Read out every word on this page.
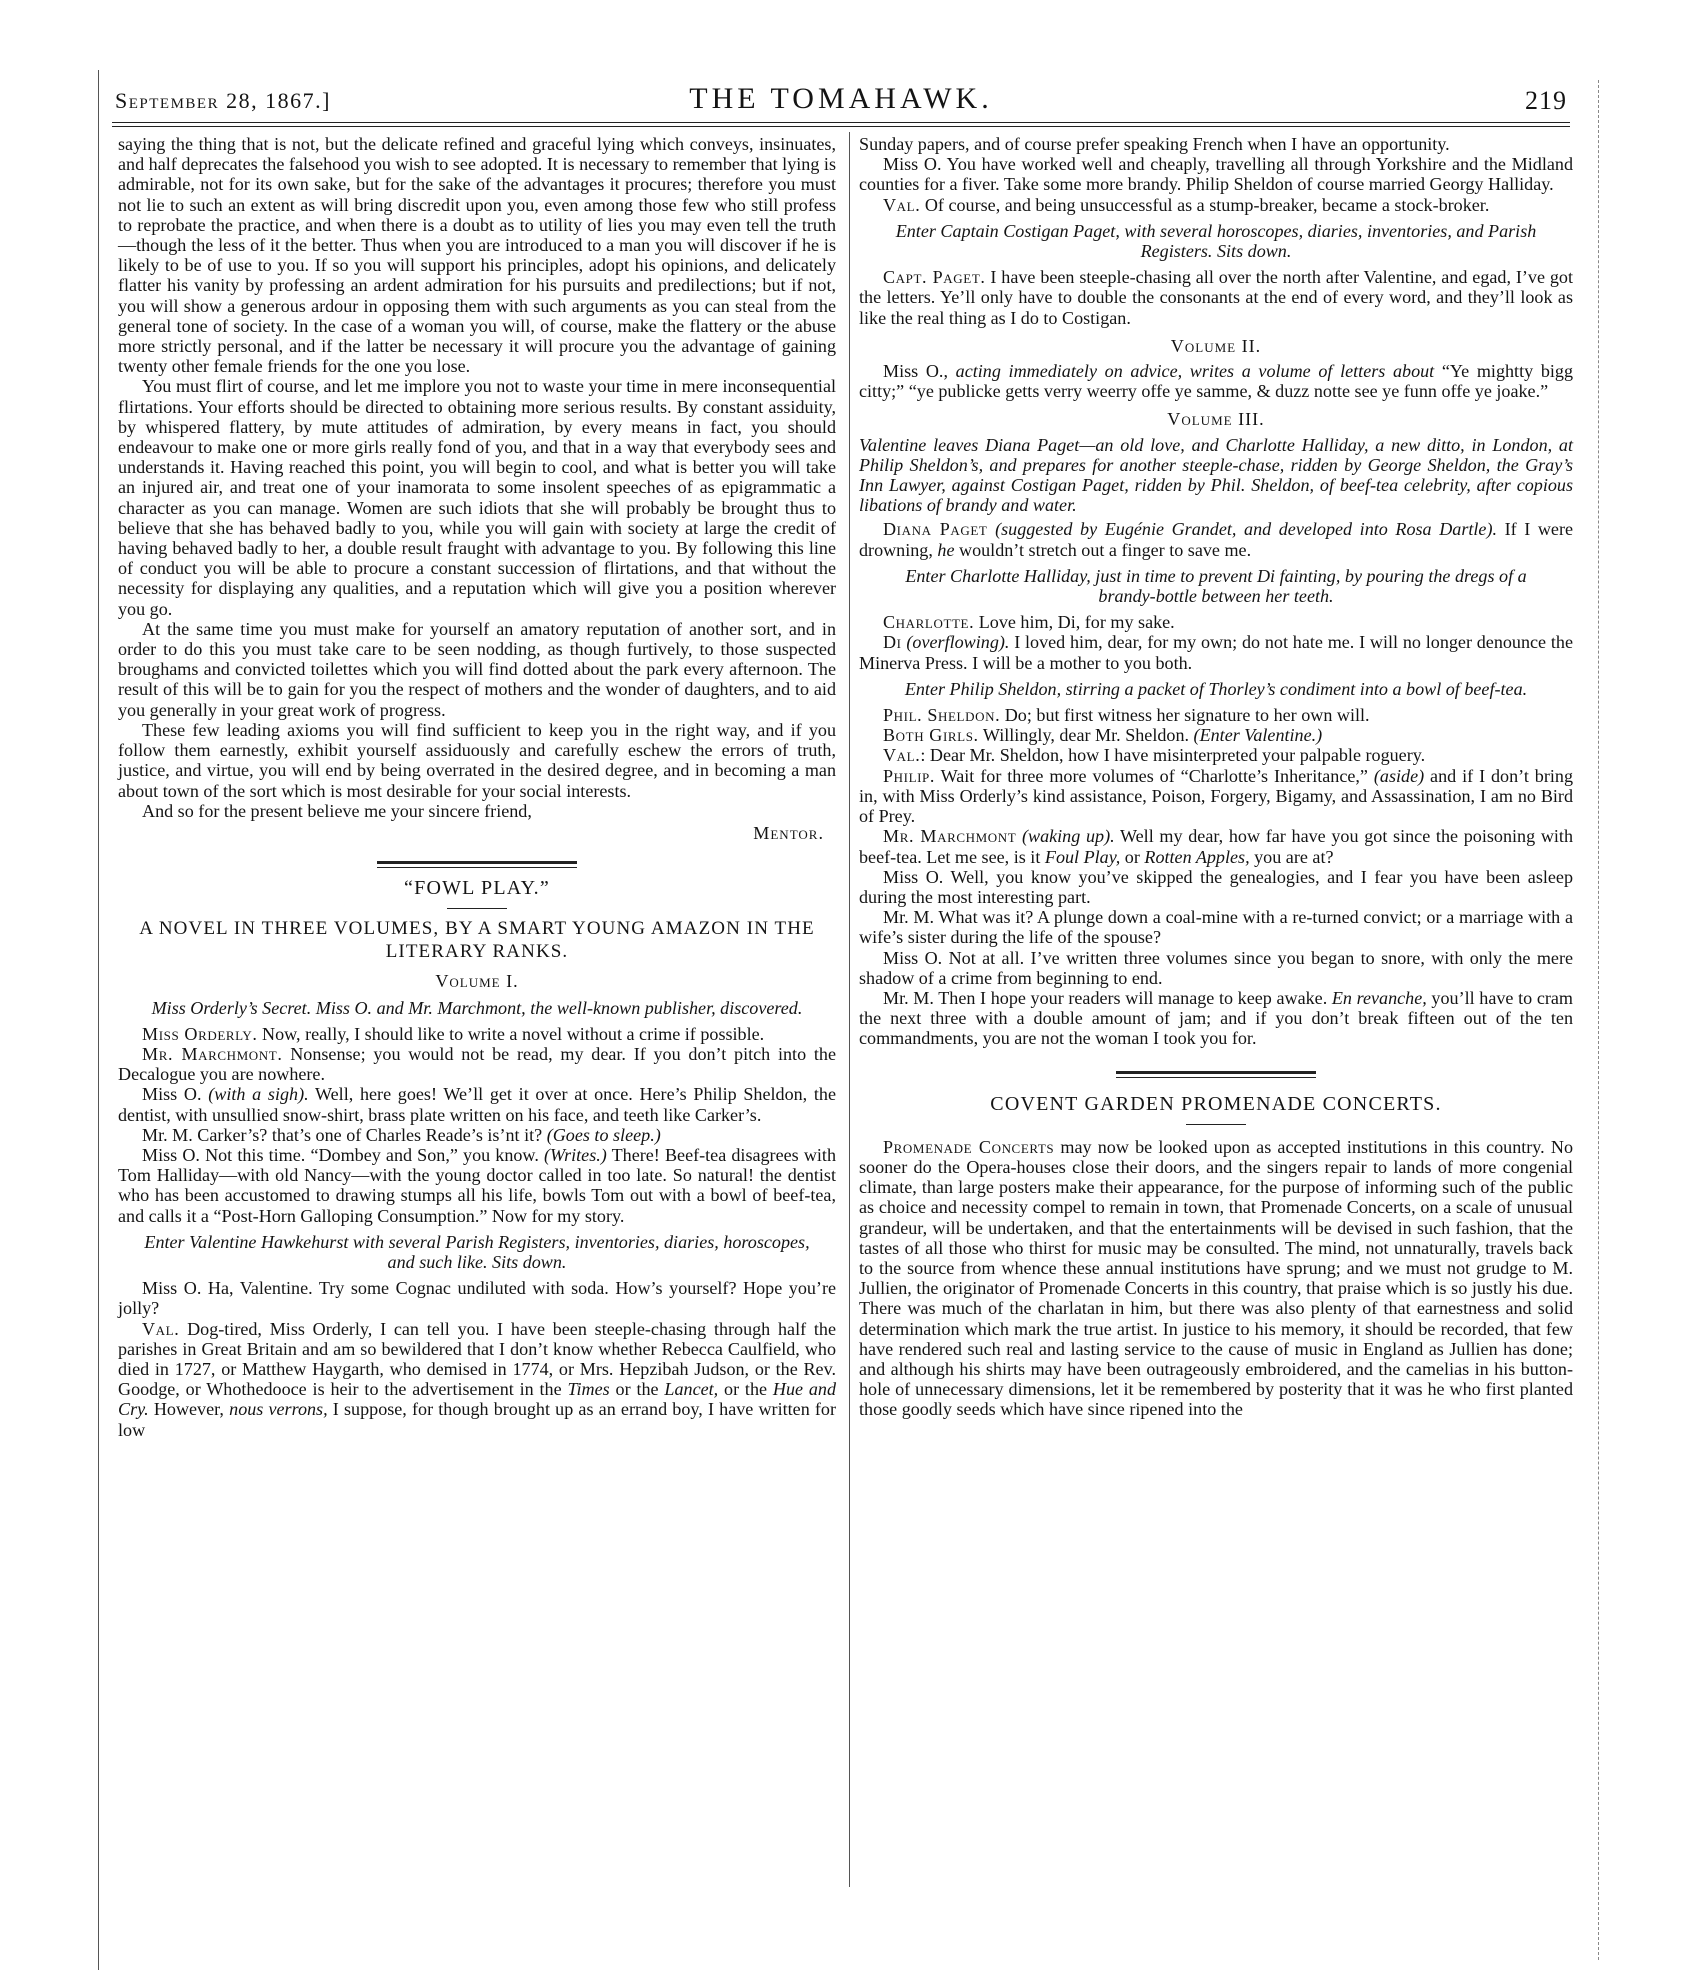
September 28, 1867.]	THE TOMAHAWK.	219

saying the thing that is not, but the delicate refined and graceful lying which conveys, insinuates, and half deprecates the falsehood you wish to see adopted. It is necessary to remember that lying is admirable, not for its own sake, but for the sake of the advantages it procures; therefore you must not lie to such an extent as will bring discredit upon you, even among those few who still profess to reprobate the practice, and when there is a doubt as to utility of lies you may even tell the truth—though the less of it the better. Thus when you are introduced to a man you will discover if he is likely to be of use to you. If so you will support his principles, adopt his opinions, and delicately flatter his vanity by professing an ardent admiration for his pursuits and predilections; but if not, you will show a generous ardour in opposing them with such arguments as you can steal from the general tone of society. In the case of a woman you will, of course, make the flattery or the abuse more strictly personal, and if the latter be necessary it will procure you the advantage of gaining twenty other female friends for the one you lose.

You must flirt of course, and let me implore you not to waste your time in mere inconsequential flirtations. Your efforts should be directed to obtaining more serious results. By constant assiduity, by whispered flattery, by mute attitudes of admiration, by every means in fact, you should endeavour to make one or more girls really fond of you, and that in a way that everybody sees and understands it. Having reached this point, you will begin to cool, and what is better you will take an injured air, and treat one of your inamorata to some insolent speeches of as epigrammatic a character as you can manage. Women are such idiots that she will probably be brought thus to believe that she has behaved badly to you, while you will gain with society at large the credit of having behaved badly to her, a double result fraught with advantage to you. By following this line of conduct you will be able to procure a constant succession of flirtations, and that without the necessity for displaying any qualities, and a reputation which will give you a position wherever you go.

At the same time you must make for yourself an amatory reputation of another sort, and in order to do this you must take care to be seen nodding, as though furtively, to those suspected broughams and convicted toilettes which you will find dotted about the park every afternoon. The result of this will be to gain for you the respect of mothers and the wonder of daughters, and to aid you generally in your great work of progress.

These few leading axioms you will find sufficient to keep you in the right way, and if you follow them earnestly, exhibit yourself assiduously and carefully eschew the errors of truth, justice, and virtue, you will end by being overrated in the desired degree, and in becoming a man about town of the sort which is most desirable for your social interests.

And so for the present believe me your sincere friend,

Mentor.

“FOWL PLAY.”

A NOVEL IN THREE VOLUMES, BY A SMART YOUNG AMAZON IN THE LITERARY RANKS.

Volume I.

Miss Orderly’s Secret. Miss O. and Mr. Marchmont, the well-known publisher, discovered.

Miss Orderly. Now, really, I should like to write a novel without a crime if possible.

Mr. Marchmont. Nonsense; you would not be read, my dear. If you don’t pitch into the Decalogue you are nowhere.

Miss O. (with a sigh). Well, here goes! We’ll get it over at once. Here’s Philip Sheldon, the dentist, with unsullied snow-shirt, brass plate written on his face, and teeth like Carker’s.

Mr. M. Carker’s? that’s one of Charles Reade’s is’nt it? (Goes to sleep.)

Miss O. Not this time. “Dombey and Son,” you know. (Writes.) There! Beef-tea disagrees with Tom Halliday—with old Nancy—with the young doctor called in too late. So natural! the dentist who has been accustomed to drawing stumps all his life, bowls Tom out with a bowl of beef-tea, and calls it a “Post-Horn Galloping Consumption.” Now for my story.

Enter Valentine Hawkehurst with several Parish Registers, inventories, diaries, horoscopes, and such like. Sits down.

Miss O. Ha, Valentine. Try some Cognac undiluted with soda. How’s yourself? Hope you’re jolly?

Val. Dog-tired, Miss Orderly, I can tell you. I have been steeple-chasing through half the parishes in Great Britain and am so bewildered that I don’t know whether Rebecca Caulfield, who died in 1727, or Matthew Haygarth, who demised in 1774, or Mrs. Hepzibah Judson, or the Rev. Goodge, or Whothedooce is heir to the advertisement in the Times or the Lancet, or the Hue and Cry. However, nous verrons, I suppose, for though brought up as an errand boy, I have written for low

Sunday papers, and of course prefer speaking French when I have an opportunity.

Miss O. You have worked well and cheaply, travelling all through Yorkshire and the Midland counties for a fiver. Take some more brandy. Philip Sheldon of course married Georgy Halliday.

Val. Of course, and being unsuccessful as a stump-breaker, became a stock-broker.

Enter Captain Costigan Paget, with several horoscopes, diaries, inventories, and Parish Registers. Sits down.

Capt. Paget. I have been steeple-chasing all over the north after Valentine, and egad, I’ve got the letters. Ye’ll only have to double the consonants at the end of every word, and they’ll look as like the real thing as I do to Costigan.

Volume II.

Miss O., acting immediately on advice, writes a volume of letters about “Ye mightty bigg citty;” “ye publicke getts verry weerry offe ye samme, & duzz notte see ye funn offe ye joake.”

Volume III.

Valentine leaves Diana Paget—an old love, and Charlotte Halliday, a new ditto, in London, at Philip Sheldon’s, and prepares for another steeple-chase, ridden by George Sheldon, the Gray’s Inn Lawyer, against Costigan Paget, ridden by Phil. Sheldon, of beef-tea celebrity, after copious libations of brandy and water.

Diana Paget (suggested by Eugénie Grandet, and developed into Rosa Dartle). If I were drowning, he wouldn’t stretch out a finger to save me.

Enter Charlotte Halliday, just in time to prevent Di fainting, by pouring the dregs of a brandy-bottle between her teeth.

Charlotte. Love him, Di, for my sake.

Di (overflowing). I loved him, dear, for my own; do not hate me. I will no longer denounce the Minerva Press. I will be a mother to you both.

Enter Philip Sheldon, stirring a packet of Thorley’s condiment into a bowl of beef-tea.

Phil. Sheldon. Do; but first witness her signature to her own will.

Both Girls. Willingly, dear Mr. Sheldon. (Enter Valentine.)

Val.: Dear Mr. Sheldon, how I have misinterpreted your palpable roguery.

Philip. Wait for three more volumes of “Charlotte’s Inheritance,” (aside) and if I don’t bring in, with Miss Orderly’s kind assistance, Poison, Forgery, Bigamy, and Assassination, I am no Bird of Prey.

Mr. Marchmont (waking up). Well my dear, how far have you got since the poisoning with beef-tea. Let me see, is it Foul Play, or Rotten Apples, you are at?

Miss O. Well, you know you’ve skipped the genealogies, and I fear you have been asleep during the most interesting part.

Mr. M. What was it? A plunge down a coal-mine with a re-turned convict; or a marriage with a wife’s sister during the life of the spouse?

Miss O. Not at all. I’ve written three volumes since you began to snore, with only the mere shadow of a crime from beginning to end.

Mr. M. Then I hope your readers will manage to keep awake. En revanche, you’ll have to cram the next three with a double amount of jam; and if you don’t break fifteen out of the ten commandments, you are not the woman I took you for.

COVENT GARDEN PROMENADE CONCERTS.

Promenade Concerts may now be looked upon as accepted institutions in this country. No sooner do the Opera-houses close their doors, and the singers repair to lands of more congenial climate, than large posters make their appearance, for the purpose of informing such of the public as choice and necessity compel to remain in town, that Promenade Concerts, on a scale of unusual grandeur, will be undertaken, and that the entertainments will be devised in such fashion, that the tastes of all those who thirst for music may be consulted. The mind, not unnaturally, travels back to the source from whence these annual institutions have sprung; and we must not grudge to M. Jullien, the originator of Promenade Concerts in this country, that praise which is so justly his due. There was much of the charlatan in him, but there was also plenty of that earnestness and solid determination which mark the true artist. In justice to his memory, it should be recorded, that few have rendered such real and lasting service to the cause of music in England as Jullien has done; and although his shirts may have been outrageously embroidered, and the camelias in his button-hole of unnecessary dimensions, let it be remembered by posterity that it was he who first planted those goodly seeds which have since ripened into the
